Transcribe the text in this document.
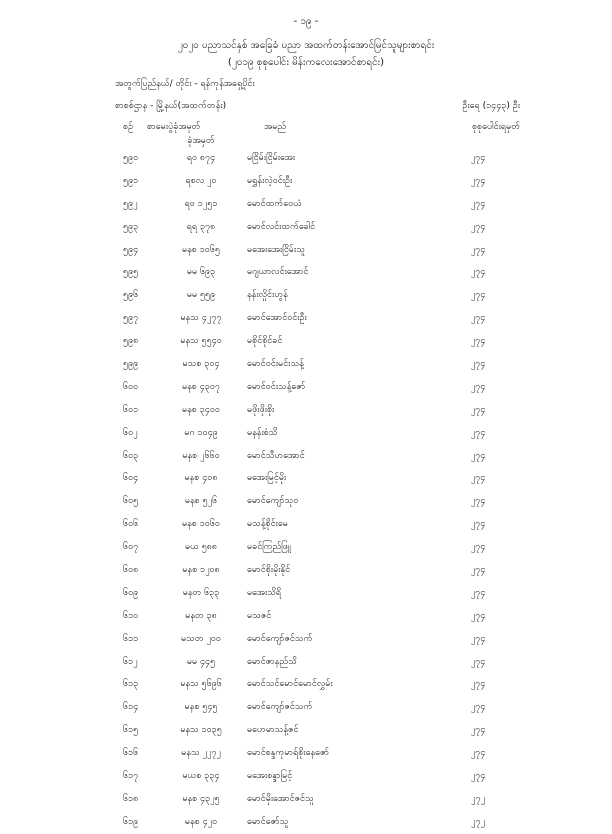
- ၁၉ -
၂၀၂၀ ပညာသင်နှစ် အခြေခံ ပညာ အထက်တန်းအောင်မြင်သူများစာရင်း
(၂၀၁၉ စုစုပေါင်း မိန်းကလေးအောင်စာရင်း)
အတွက်ပြည်နယ်/ တိုင်း - ရန်ကုန်အရှေ့ပိုင်း
စာစစ်ဌာန - မြို့နယ်(အထက်တန်း)	ဦးရေ (၁၄၄၃) ဦး
စဉ် စာမေးပွဲခုံအမှတ်	အမည်	စုစုပေါင်းရမှတ်
ခုံအမှတ်
၅၉၀	ရဝ ၈၇၄	မငြိမ်းငြိမ်းအေး	၂၇၄
၅၉၁	ရစလ ၂၀	မရွှန်းလဲ့ဝင်းဦး	၂၇၄
၅၉၂	ရဗ ၁၂၅၁	မောင်ထက်ဝေယံ	၂၇၄
၅၉၃	ရရ ၃၇၈	မောင်လင်းထက်ခေါင်	၂၇၄
၅၉၄	မနစ ၁၀၆၅	မအေးအေးငြိမ်းသူ	၂၇၄
၅၉၅	မမ ၆၉၃	မဂျယာလင်းအောင်	၂၇၄
၅၉၆	မမ ၅၅၉	နန်းလှိုင်းဟွန်	၂၇၄
၅၉၇	မနသ ၄၂၇၇	မောင်အောင်ဝင်းဦး	၂၇၄
၅၉၈	မနသ ၅၅၄၀	မစိုင်စိုင်ခင်	၂၇၄
၅၉၉	မသစ ၃၀၄	မောင်ဝင်းမင်းသန့်	၂၇၄
၆၀၀	မနစ ၄၃၀၇	မောင်ဝင်းသန့်ဇော်	၂၇၄
၆၀၁	မနစ ၃၄၀၀	မဖိုးဖိုးစိုး	၂၇၄
၆၀၂	မဂ ၁၀၄၉	မနန်းစံသိ	၂၇၄
၆၀၃	မနစ ၂၆၆၀	မောင်သီဟအောင်	၂၇၄
၆၀၄	မနစ ၄၀၈	မအေးမြင့်မိုး	၂၇၄
၆၀၅	မနစ ၅၂၆	မောင်ကျော်သုဝ	၂၇၄
၆၀၆	မနစ ၁၀၆၀	မသန့်စိုင်းမေ	၂၇၄
၆၀၇	မယ ၅၈၈	မခင်ကြည်ဖြူ	၂၇၄
၆၀၈	မနစ ၁၂၀၈	မောင်စိုးမိုးနိုင်	၂၇၄
၆၀၉	မနတ ၆၃၃	မအေးသိရိ	၂၇၄
၆၁၀	မနတ ၃၈	မသဇင်	၂၇၄
၆၁၁	မသတ ၂၀၀	မောင်ကျော်ဇင်သက်	၂၇၄
၆၁၂	မမ ၄၄၅	မောင်ဇာနည်သိ	၂၇၄
၆၁၃	မနသ ၅၆၉၆	မောင်သင်မောင်မောင်လွှမ်း	၂၇၄
၆၁၄	မနစ ၅၄၅	မောင်ကျော်ဇင်သက်	၂၇၄
၆၁၅	မနသ ၁၀၃၅	မဟေမာသန့်ဇင်	၂၇၄
၆၁၆	မနသ ၂၂၇၂	မောင်စန္ဒကုမာရ်စိုးနေဇော်	၂၇၄
၆၁၇	မယစ ၃၃၄	မအေးစန္ဒာမြင့်	၂၇၄
၆၁၈	မနစ ၄၃၂၅	မောင်မိုးအောင်ဇင်သူ	၂၇၂
၆၁၉	မနစ ၄၂၀	မောင်ဇော်သူ	၂၇၂
